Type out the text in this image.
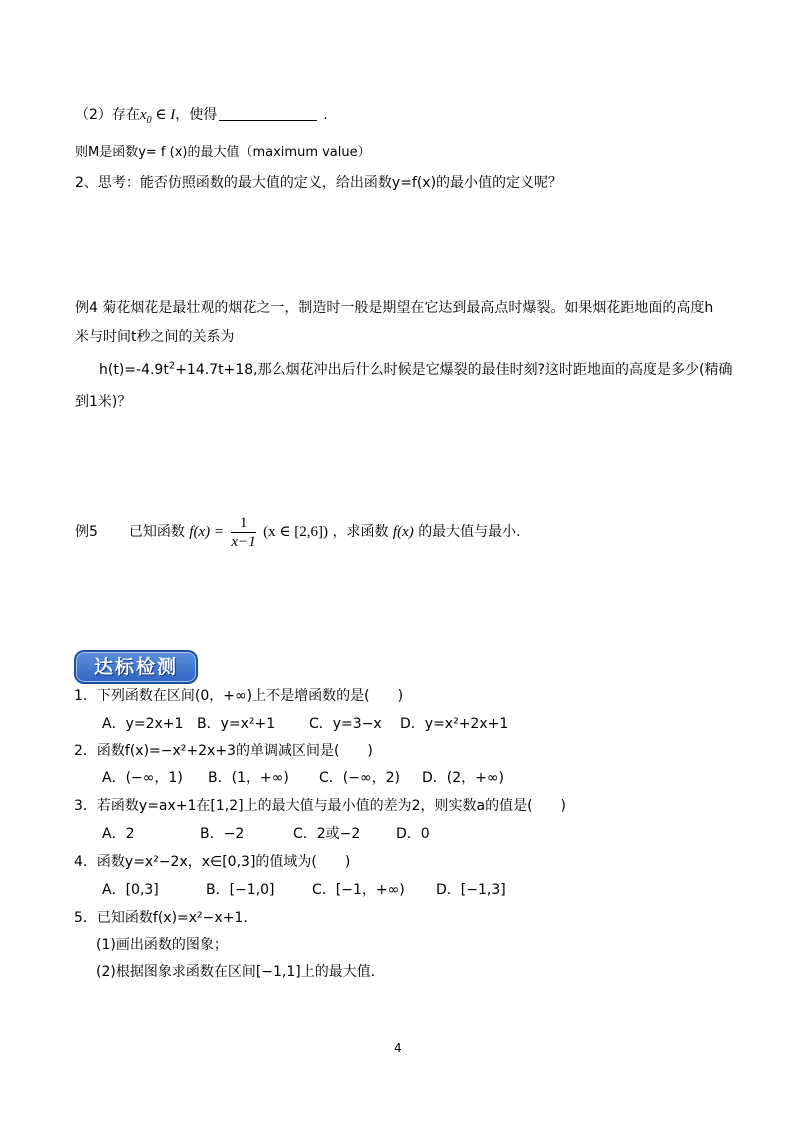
（2）存在$x_0$ ∈ I，使得	.
则M是函数y= f (x)的最大值（maximum value）
2、思考：能否仿照函数的最大值的定义，给出函数y=f(x)的最小值的定义呢？
例4 菊花烟花是最壮观的烟花之一，制造时一般是期望在它达到最高点时爆裂。如果烟花距地面的高度h
米与时间t秒之间的关系为
$h(t)=-4.9t^2+14.7t+18$,那么烟花冲出后什么时候是它爆裂的最佳时刻?这时距地面的高度是多少(精确
到1米)？
例5 已知函数 $f(x) = \frac{1}{x-1} (x$ ∈ [2,6]) ，求函数 f(x) 的最大值与最小.
达标检测
1．下列函数在区间(0，+∞)上不是增函数的是(　　)
A．y=2x+1 B．y=x²+1 C．y=3−x D．y=x²+2x+1
2．函数f(x)=−x²+2x+3的单调减区间是(　　)
A．(−∞，1) B．(1，+∞) C．(−∞，2) D．(2，+∞)
3．若函数y=ax+1在[1,2]上的最大值与最小值的差为2，则实数a的值是(　　)
A．2	B．−2	C．2或−2	D．0
4．函数y=x²−2x，x∈[0,3]的值域为(　　)
A．[0,3]	B．[−1,0]	C．[−1，+∞) D．[−1,3]
5．已知函数f(x)=x²−x+1.
(1)画出函数的图象；
(2)根据图象求函数在区间[−1,1]上的最大值．
4
